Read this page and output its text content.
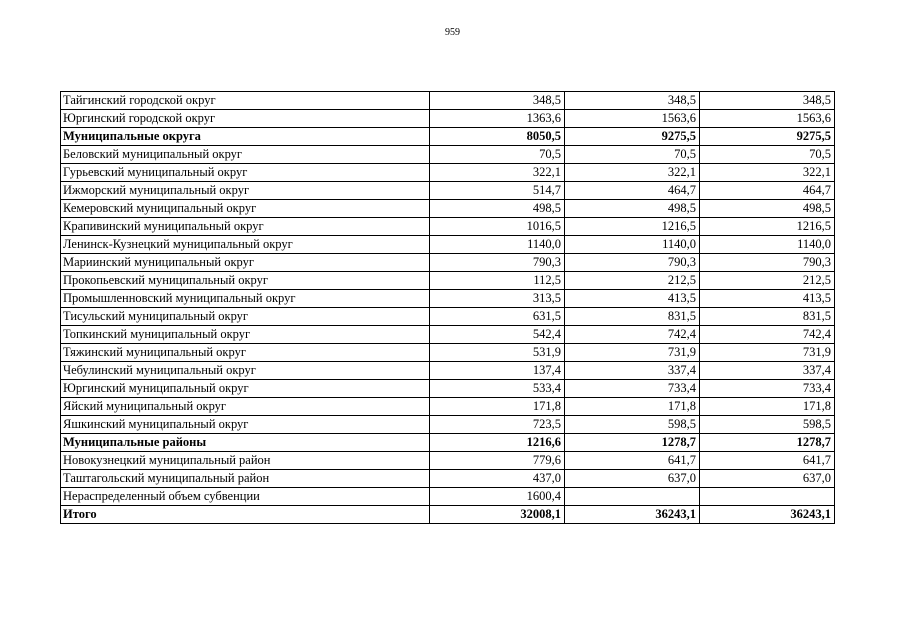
959
Тайгинский городской округ	348,5	348,5	348,5
Юргинский городской округ	1363,6	1563,6	1563,6
Муниципальные округа	8050,5	9275,5	9275,5
Беловский муниципальный округ	70,5	70,5	70,5
Гурьевский муниципальный округ	322,1	322,1	322,1
Ижморский муниципальный округ	514,7	464,7	464,7
Кемеровский муниципальный округ	498,5	498,5	498,5
Крапивинский муниципальный округ	1016,5	1216,5	1216,5
Ленинск-Кузнецкий муниципальный округ	1140,0	1140,0	1140,0
Мариинский муниципальный округ	790,3	790,3	790,3
Прокопьевский муниципальный округ	112,5	212,5	212,5
Промышленновский муниципальный округ	313,5	413,5	413,5
Тисульский муниципальный округ	631,5	831,5	831,5
Топкинский муниципальный округ	542,4	742,4	742,4
Тяжинский муниципальный округ	531,9	731,9	731,9
Чебулинский муниципальный округ	137,4	337,4	337,4
Юргинский муниципальный округ	533,4	733,4	733,4
Яйский муниципальный округ	171,8	171,8	171,8
Яшкинский муниципальный округ	723,5	598,5	598,5
Муниципальные районы	1216,6	1278,7	1278,7
Новокузнецкий муниципальный район	779,6	641,7	641,7
Таштагольский муниципальный район	437,0	637,0	637,0
Нераспределенный объем субвенции	1600,4		
Итого	32008,1	36243,1	36243,1
